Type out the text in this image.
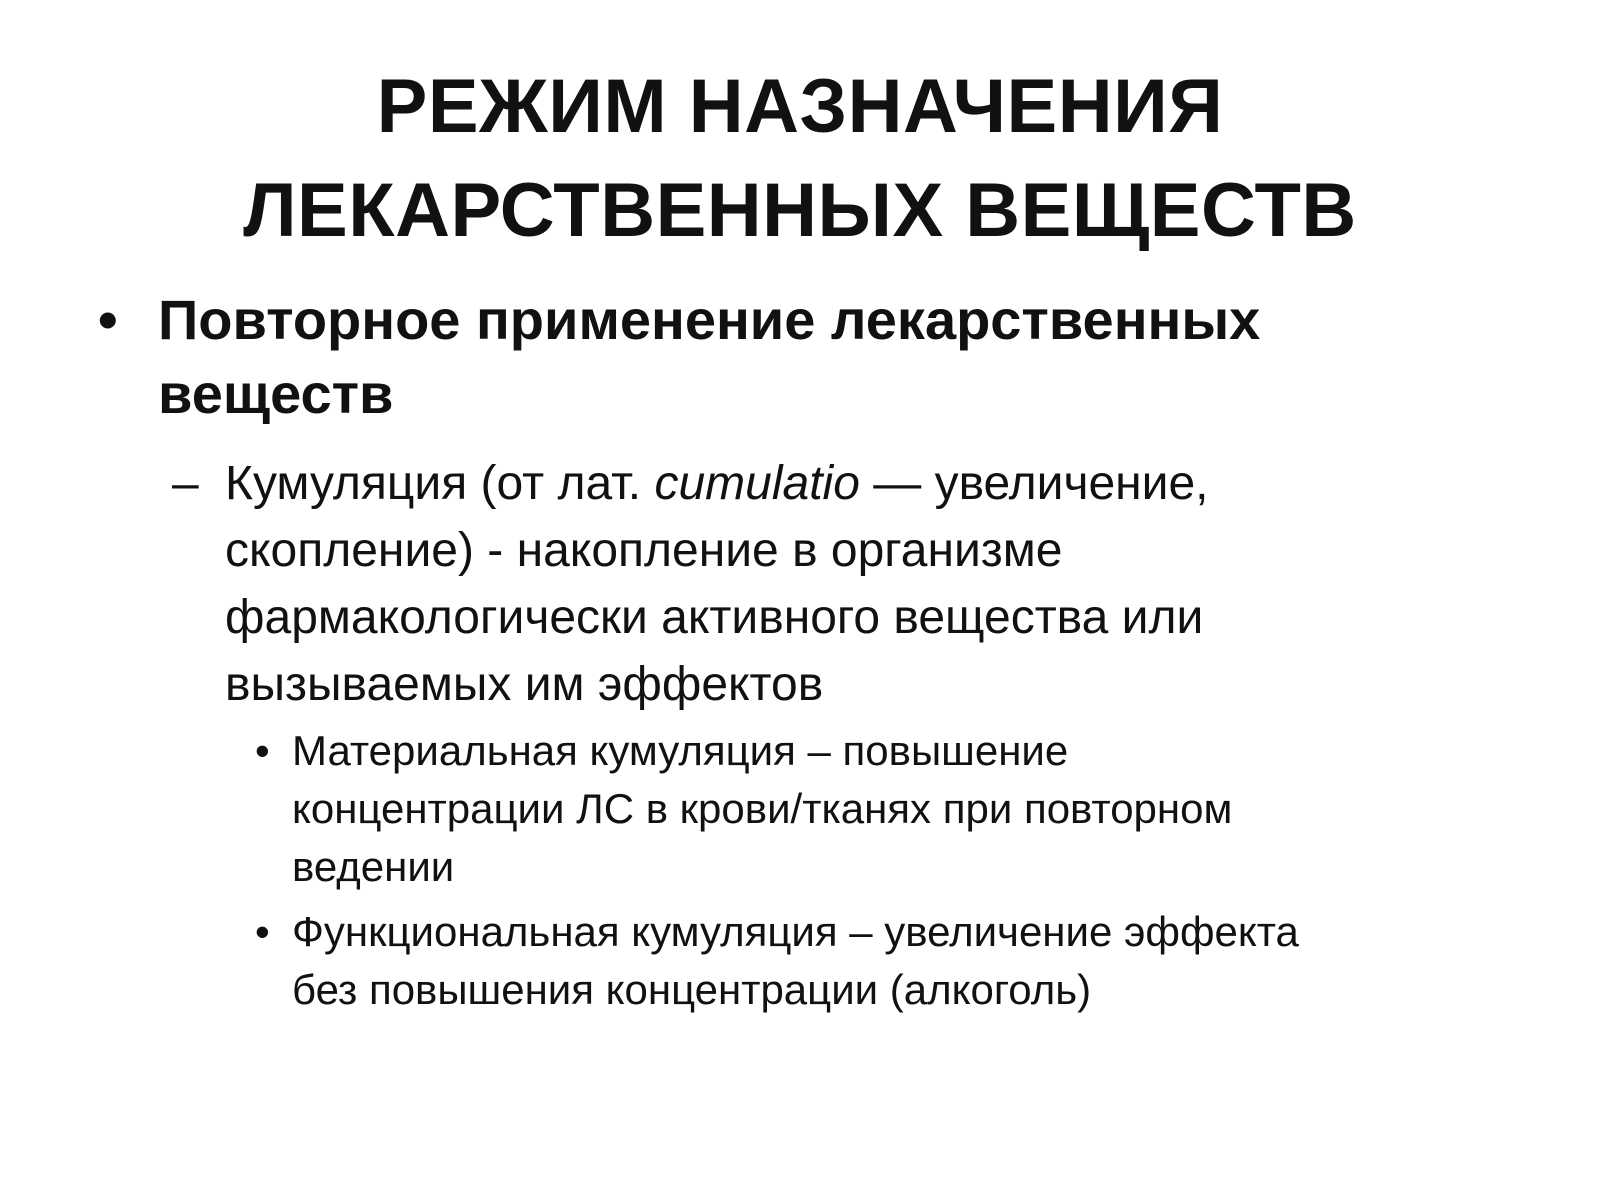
РЕЖИМ НАЗНАЧЕНИЯ
ЛЕКАРСТВЕННЫХ ВЕЩЕСТВ
• Повторное применение лекарственных
веществ
– Кумуляция (от лат. cumulatio — увеличение,
скопление) - накопление в организме
фармакологически активного вещества или
вызываемых им эффектов
• Материальная кумуляция – повышение
концентрации ЛС в крови/тканях при повторном
ведении
• Функциональная кумуляция – увеличение эффекта
без повышения концентрации (алкоголь)
